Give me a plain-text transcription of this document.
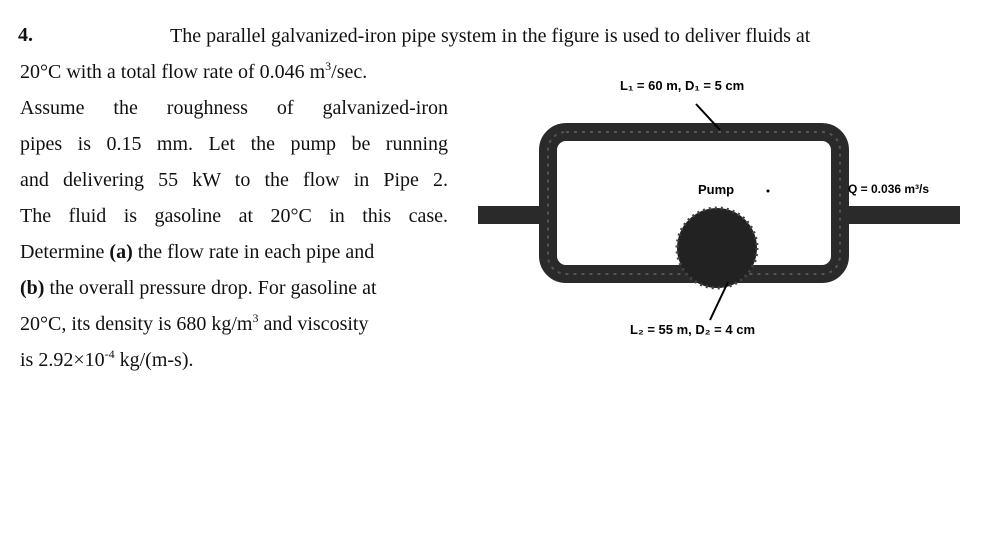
4.	The parallel galvanized-iron pipe system in the figure is used to deliver fluids at
20°C with a total flow rate of 0.046 $m^3/\sec$.
Assume the roughness of galvanized-iron
pipes is 0.15 mm. Let the pump be running
and delivering 55 kW to the flow in Pipe 2.
The fluid is gasoline at 20°C in this case.
Determine (a) the flow rate in each pipe and
(b) the overall pressure drop. For gasoline at
20°C, its density is 680 $kg/m^3$ and viscosity
is $2.92\times 10^{-4}$ kg/(m-s).
L₁ = 60 m, D₁ = 5 cm
Pump	Q = 0.036 m³/s
L₂ = 55 m, D₂ = 4 cm
